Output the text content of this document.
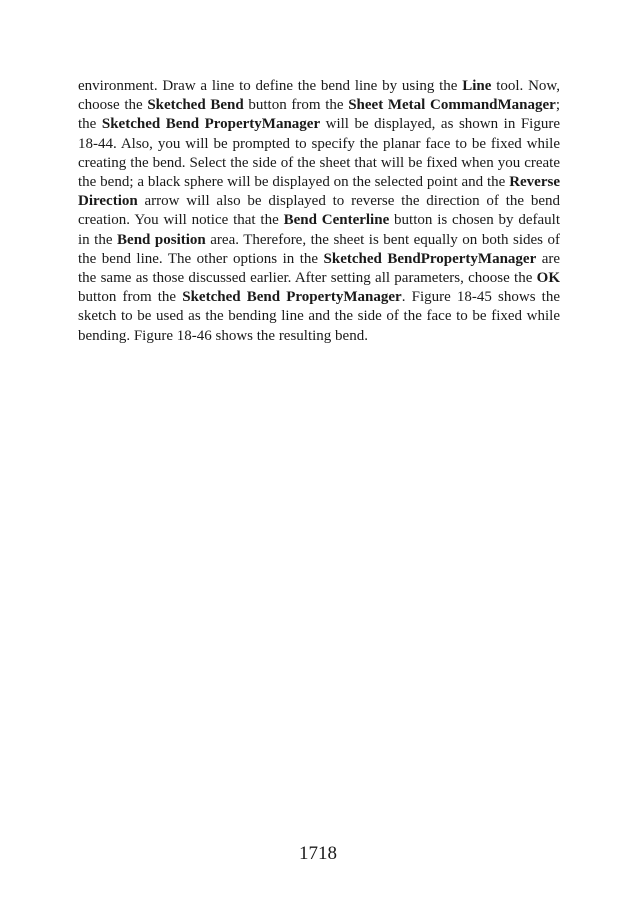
environment. Draw a line to define the bend line by using the Line tool. Now, choose the Sketched Bend button from the Sheet Metal CommandManager; the Sketched Bend PropertyManager will be displayed, as shown in Figure 18-44. Also, you will be prompted to specify the planar face to be fixed while creating the bend. Select the side of the sheet that will be fixed when you create the bend; a black sphere will be displayed on the selected point and the Reverse Direction arrow will also be displayed to reverse the direction of the bend creation. You will notice that the Bend Centerline button is chosen by default in the Bend position area. Therefore, the sheet is bent equally on both sides of the bend line. The other options in the Sketched BendPropertyManager are the same as those discussed earlier. After setting all parameters, choose the OK button from the Sketched Bend PropertyManager. Figure 18-45 shows the sketch to be used as the bending line and the side of the face to be fixed while bending. Figure 18-46 shows the resulting bend.

1718
